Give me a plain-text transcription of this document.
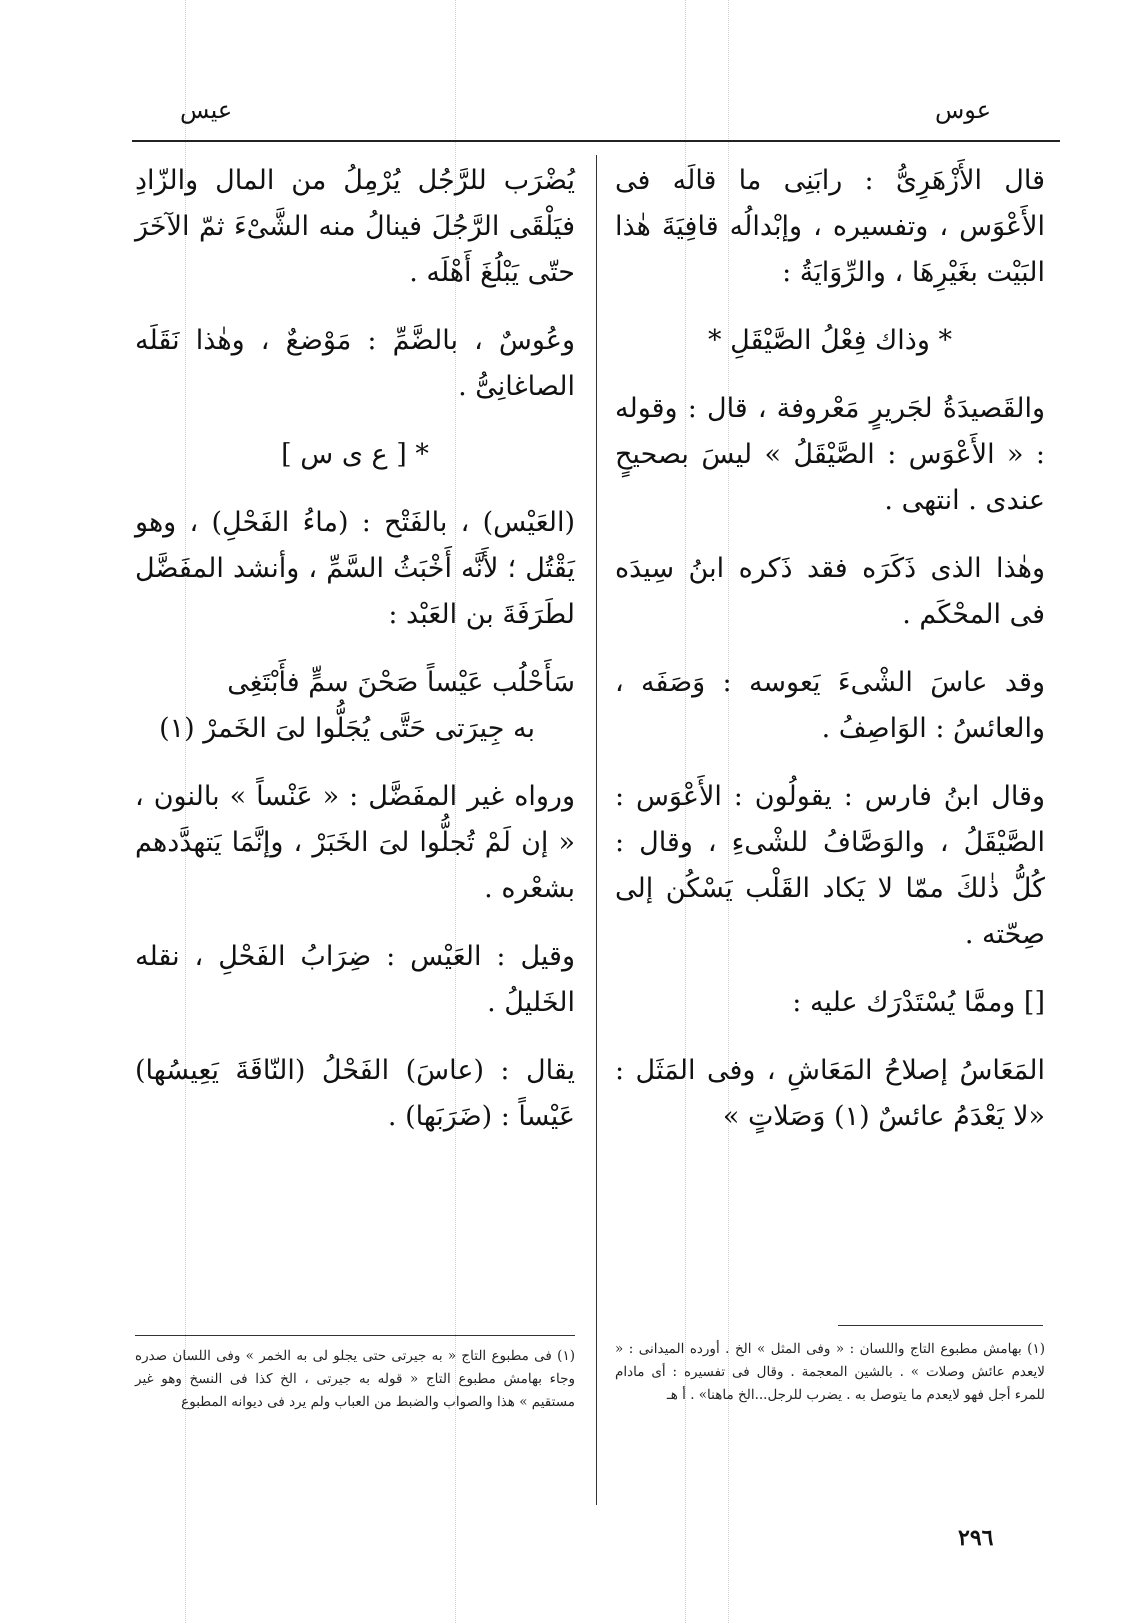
عوس
عيس

قال الأَزْهَرِىُّ : رابَنِى ما قالَه فى الأَعْوَس ، وتفسيره ، وإبْدالُه قافِيَةَ هٰذا البَيْت بغَيْرِهَا ، والرِّوَايَةُ :

* وذاك فِعْلُ الصَّيْقَلِ *

والقَصيدَةُ لجَريرٍ مَعْروفة ، قال : وقوله : « الأَعْوَس : الصَّيْقَلُ » ليسَ بصحيحٍ عندى . انتهى .

وهٰذا الذى ذَكَرَه فقد ذَكره ابنُ سِيدَه فى المحْكَم .

وقد عاسَ الشْىءَ يَعوسه : وَصَفَه ، والعائسُ : الوَاصِفُ .

وقال ابنُ فارس : يقولُون : الأَعْوَس : الصَّيْقَلُ ، والوَصَّافُ للشْىءِ ، وقال : كُلُّ ذٰلكَ ممّا لا يَكاد القَلْب يَسْكُن إلى صِحّته .

[] وممَّا يُسْتَدْرَك عليه :

المَعَاسُ إصلاحُ المَعَاشِ ، وفى المَثَل : «لا يَعْدَمُ عائسٌ (١) وَصَلاتٍ »

(١) بهامش مطبوع التاج واللسان : « وفى المثل » الخ . أورده الميدانى : « لايعدم عائش وصلات » . بالشين المعجمة . وقال فى تفسيره : أى مادام للمرء أجل فهو لايعدم ما يتوصل به . يضرب للرجل...الخ ماهنا» . أ هـ

يُضْرَب للرَّجُل يُرْمِلُ من المال والزّادِ فيَلْقَى الرَّجُلَ فينالُ منه الشَّىْءَ ثمّ الآخَرَ حتّى يَبْلُغَ أَهْلَه .

وعُوسٌ ، بالضَّمِّ : مَوْضعٌ ، وهٰذا نَقَلَه الصاغانِىُّ .

* [ ع ى س ]

(العَيْس) ، بالفَتْح : (ماءُ الفَحْلِ) ، وهو يَقْتُل ؛ لأَنَّه أَخْبَثُ السَّمِّ ، وأنشد المفَضَّل لطَرَفَةَ بن العَبْد :

سَأَحْلُب عَيْساً صَحْنَ سمٍّ فأَبْتَغِى

به جِيرَتى حَتَّى يُجَلُّوا لىَ الخَمرْ (١)

ورواه غير المفَضَّل : « عَنْساً » بالنون ، « إن لَمْ تُجلُّوا لىَ الخَبَرْ ، وإنَّمَا يَتهدَّدهم بشعْره .

وقيل : العَيْس : ضِرَابُ الفَحْلِ ، نقله الخَليلُ .

يقال : (عاسَ) الفَحْلُ (النّاقَةَ يَعِيسُها) عَيْساً : (ضَرَبَها) .

(١) فى مطبوع التاج « به جيرتى حتى يجلو لى به الخمر » وفى اللسان صدره وجاء بهامش مطبوع التاج « قوله به جيرتى ، الخ كذا فى النسخ وهو غير مستقيم » هذا والصواب والضبط من العباب ولم يرد فى ديوانه المطبوع
٢٩٦
